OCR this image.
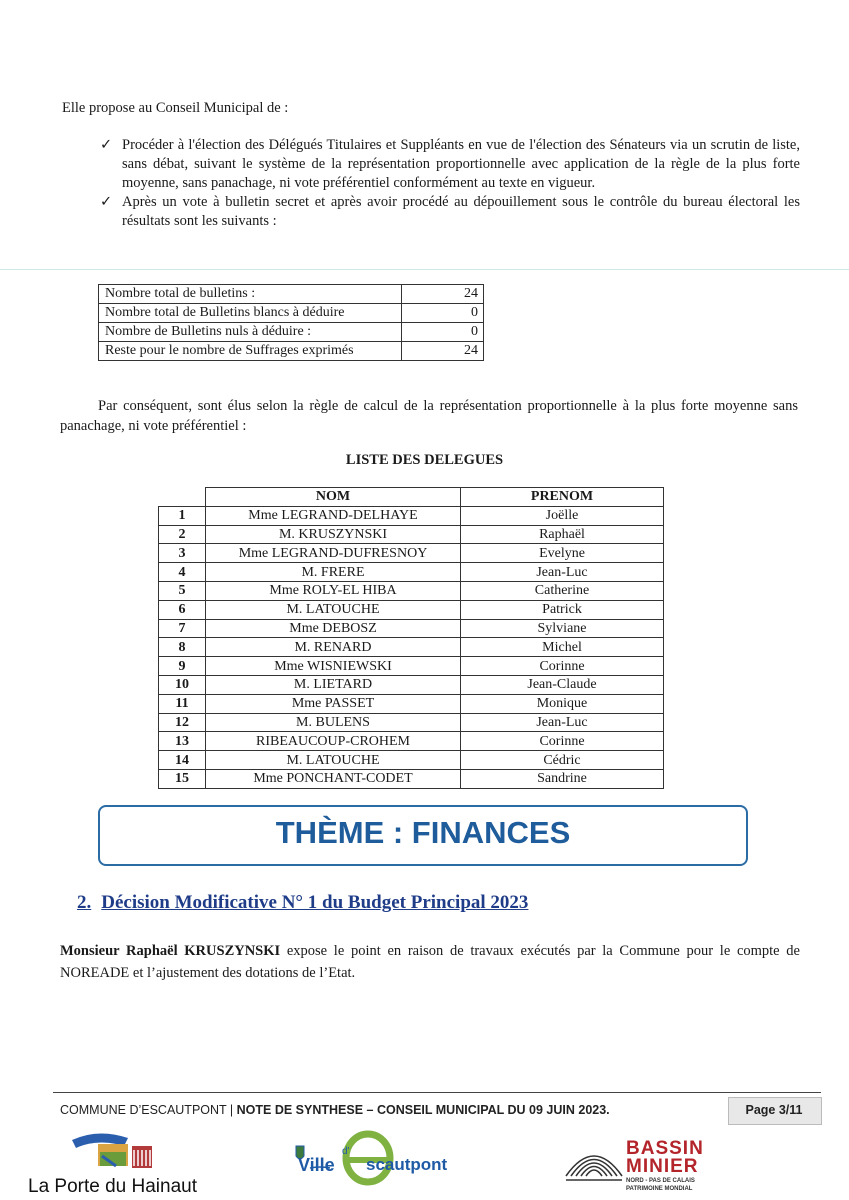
Elle propose au Conseil Municipal de :
✓ Procéder à l'élection des Délégués Titulaires et Suppléants en vue de l'élection des Sénateurs via un scrutin de liste, sans débat, suivant le système de la représentation proportionnelle avec application de la règle de la plus forte moyenne, sans panachage, ni vote préférentiel conformément au texte en vigueur.
✓ Après un vote à bulletin secret et après avoir procédé au dépouillement sous le contrôle du bureau électoral les résultats sont les suivants :
Nombre total de bulletins :	24
Nombre total de Bulletins blancs à déduire	0
Nombre de Bulletins nuls à déduire :	0
Reste pour le nombre de Suffrages exprimés	24
Par conséquent, sont élus selon la règle de calcul de la représentation proportionnelle à la plus forte moyenne sans panachage, ni vote préférentiel :
LISTE DES DELEGUES
	NOM	PRENOM
1	Mme LEGRAND-DELHAYE	Joëlle
2	M. KRUSZYNSKI	Raphaël
3	Mme LEGRAND-DUFRESNOY	Evelyne
4	M. FRERE	Jean-Luc
5	Mme ROLY-EL HIBA	Catherine
6	M. LATOUCHE	Patrick
7	Mme DEBOSZ	Sylviane
8	M. RENARD	Michel
9	Mme WISNIEWSKI	Corinne
10	M. LIETARD	Jean-Claude
11	Mme PASSET	Monique
12	M. BULENS	Jean-Luc
13	RIBEAUCOUP-CROHEM	Corinne
14	M. LATOUCHE	Cédric
15	Mme PONCHANT-CODET	Sandrine
THÈME : FINANCES
2. Décision Modificative N° 1 du Budget Principal 2023
Monsieur Raphaël KRUSZYNSKI expose le point en raison de travaux exécutés par la Commune pour le compte de NOREADE et l’ajustement des dotations de l’Etat.
COMMUNE D’ESCAUTPONT | NOTE DE SYNTHESE – CONSEIL MUNICIPAL DU 09 JUIN 2023.	Page 3/11
La Porte du Hainaut
Ville
d'
scautpont
BASSIN
MINIER
NORD - PAS DE CALAIS
PATRIMOINE MONDIAL
